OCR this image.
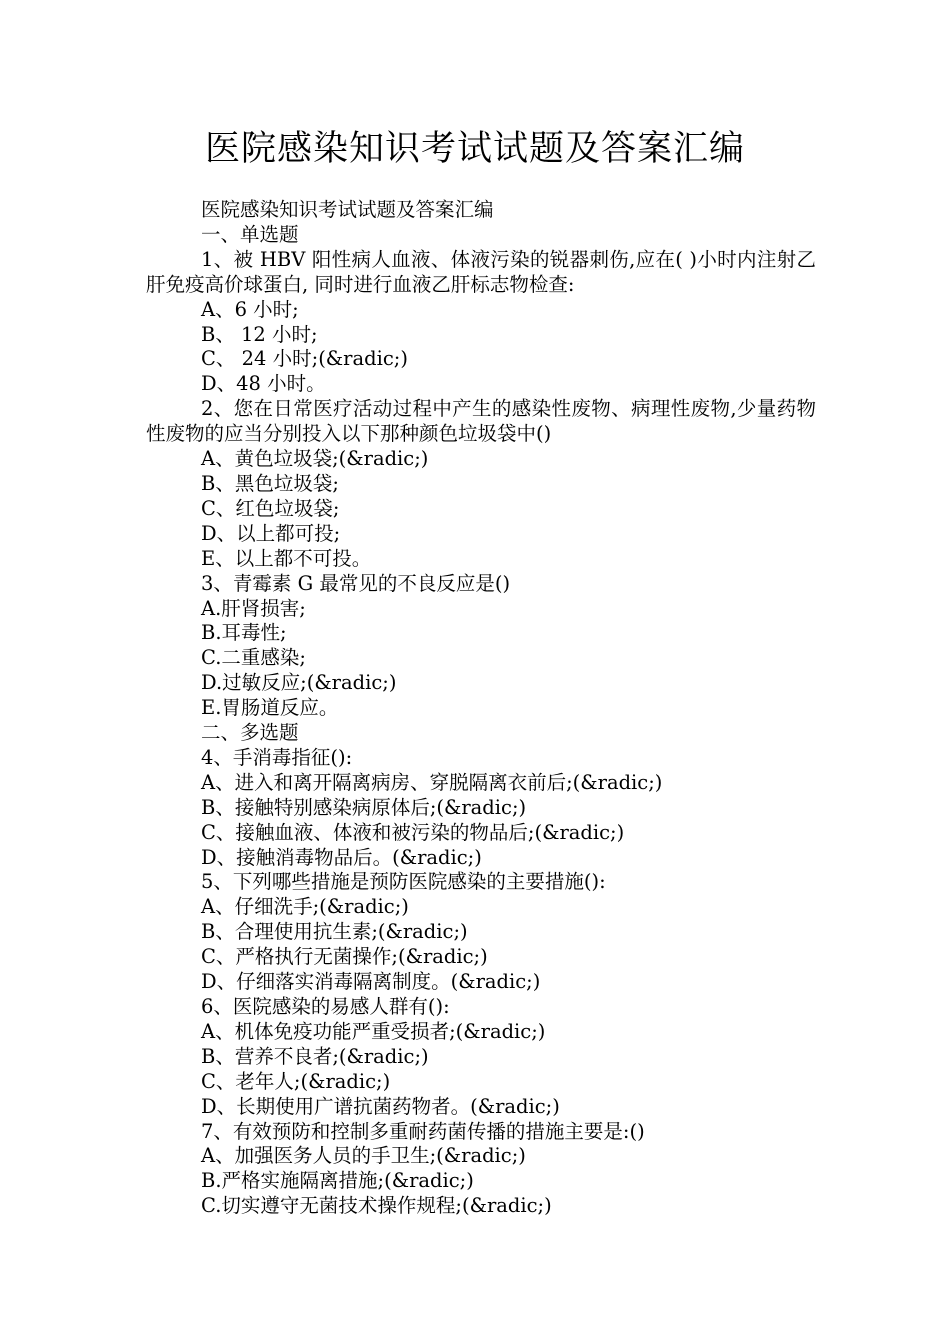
医院感染知识考试试题及答案汇编
医院感染知识考试试题及答案汇编
一、单选题
1、被 HBV 阳性病人血液、体液污染的锐器刺伤,应在( )小时内注射乙肝免疫高价球蛋白, 同时进行血液乙肝标志物检查:
A、6 小时;
B、 12 小时;
C、 24 小时;(&radic;)
D、48 小时。
2、您在日常医疗活动过程中产生的感染性废物、病理性废物,少量药物性废物的应当分别投入以下那种颜色垃圾袋中()
A、黄色垃圾袋;(&radic;)
B、黑色垃圾袋;
C、红色垃圾袋;
D、以上都可投;
E、以上都不可投。
3、青霉素 G 最常见的不良反应是()
A.肝肾损害;
B.耳毒性;
C.二重感染;
D.过敏反应;(&radic;)
E.胃肠道反应。
二、多选题
4、手消毒指征():
A、进入和离开隔离病房、穿脱隔离衣前后;(&radic;)
B、接触特别感染病原体后;(&radic;)
C、接触血液、体液和被污染的物品后;(&radic;)
D、接触消毒物品后。(&radic;)
5、下列哪些措施是预防医院感染的主要措施():
A、仔细洗手;(&radic;)
B、合理使用抗生素;(&radic;)
C、严格执行无菌操作;(&radic;)
D、仔细落实消毒隔离制度。(&radic;)
6、医院感染的易感人群有():
A、机体免疫功能严重受损者;(&radic;)
B、营养不良者;(&radic;)
C、老年人;(&radic;)
D、长期使用广谱抗菌药物者。(&radic;)
7、有效预防和控制多重耐药菌传播的措施主要是:()
A、加强医务人员的手卫生;(&radic;)
B.严格实施隔离措施;(&radic;)
C.切实遵守无菌技术操作规程;(&radic;)
